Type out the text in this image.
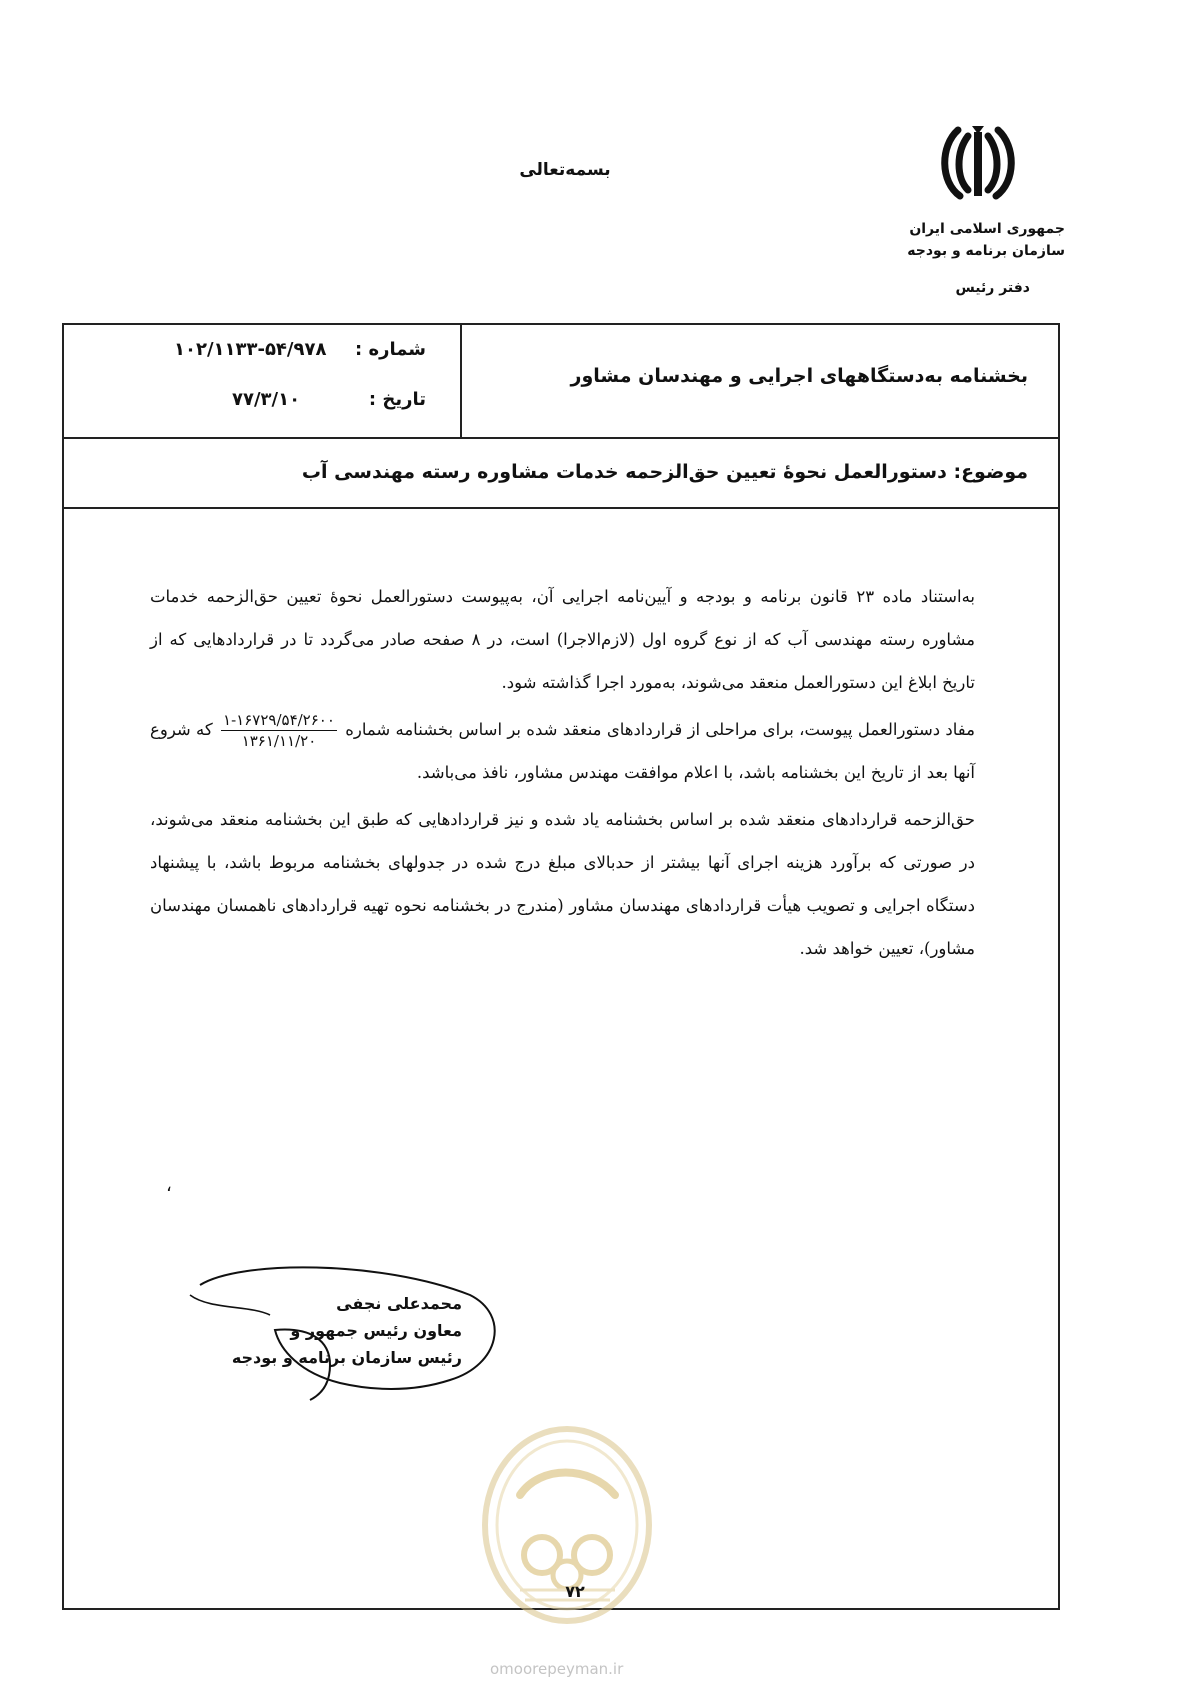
بسمه‌تعالی
جمهوری اسلامی ایران
سازمان برنامه و بودجه
دفتر رئیس
بخشنامه به‌دستگاههای اجرایی و مهندسان مشاور
شماره :
۱۰۲/۱۱۳۳-۵۴/۹۷۸
تاریخ :
۷۷/۳/۱۰
موضوع: دستورالعمل نحوهٔ تعیین حق‌الزحمه خدمات مشاوره رسته مهندسی آب

به‌استناد ماده ۲۳ قانون برنامه و بودجه و آیین‌نامه اجرایی آن، به‌پیوست دستورالعمل نحوهٔ تعیین حق‌الزحمه خدمات مشاوره رسته مهندسی آب که از نوع گروه اول (لازم‌الاجرا) است، در ۸ صفحه صادر می‌گردد تا در قراردادهایی که از تاریخ ابلاغ این دستورالعمل منعقد می‌شوند، به‌مورد اجرا گذاشته شود.

مفاد دستورالعمل پیوست، برای مراحلی از قراردادهای منعقد شده بر اساس بخشنامه شماره
$\frac{۱-۱۶۷۲۹/۵۴/۲۶۰۰}{۱۳۶۱/۱۱/۲۰}$
که شروع آنها بعد از تاریخ این بخشنامه باشد، با اعلام موافقت مهندس مشاور، نافذ می‌باشد.

حق‌الزحمه قراردادهای منعقد شده بر اساس بخشنامه یاد شده و نیز قراردادهایی که طبق این بخشنامه منعقد می‌شوند، در صورتی که برآورد هزینه اجرای آنها بیشتر از حدبالای مبلغ درج شده در جدولهای بخشنامه مربوط باشد، با پیشنهاد دستگاه اجرایی و تصویب هیأت قراردادهای مهندسان مشاور (مندرج در بخشنامه نحوه تهیه قراردادهای ناهمسان مهندسان مشاور)، تعیین خواهد شد.

،
محمدعلی نجفی
معاون رئیس جمهور و
رئیس سازمان برنامه و بودجه
۷۲
omoorepeyman.ir
